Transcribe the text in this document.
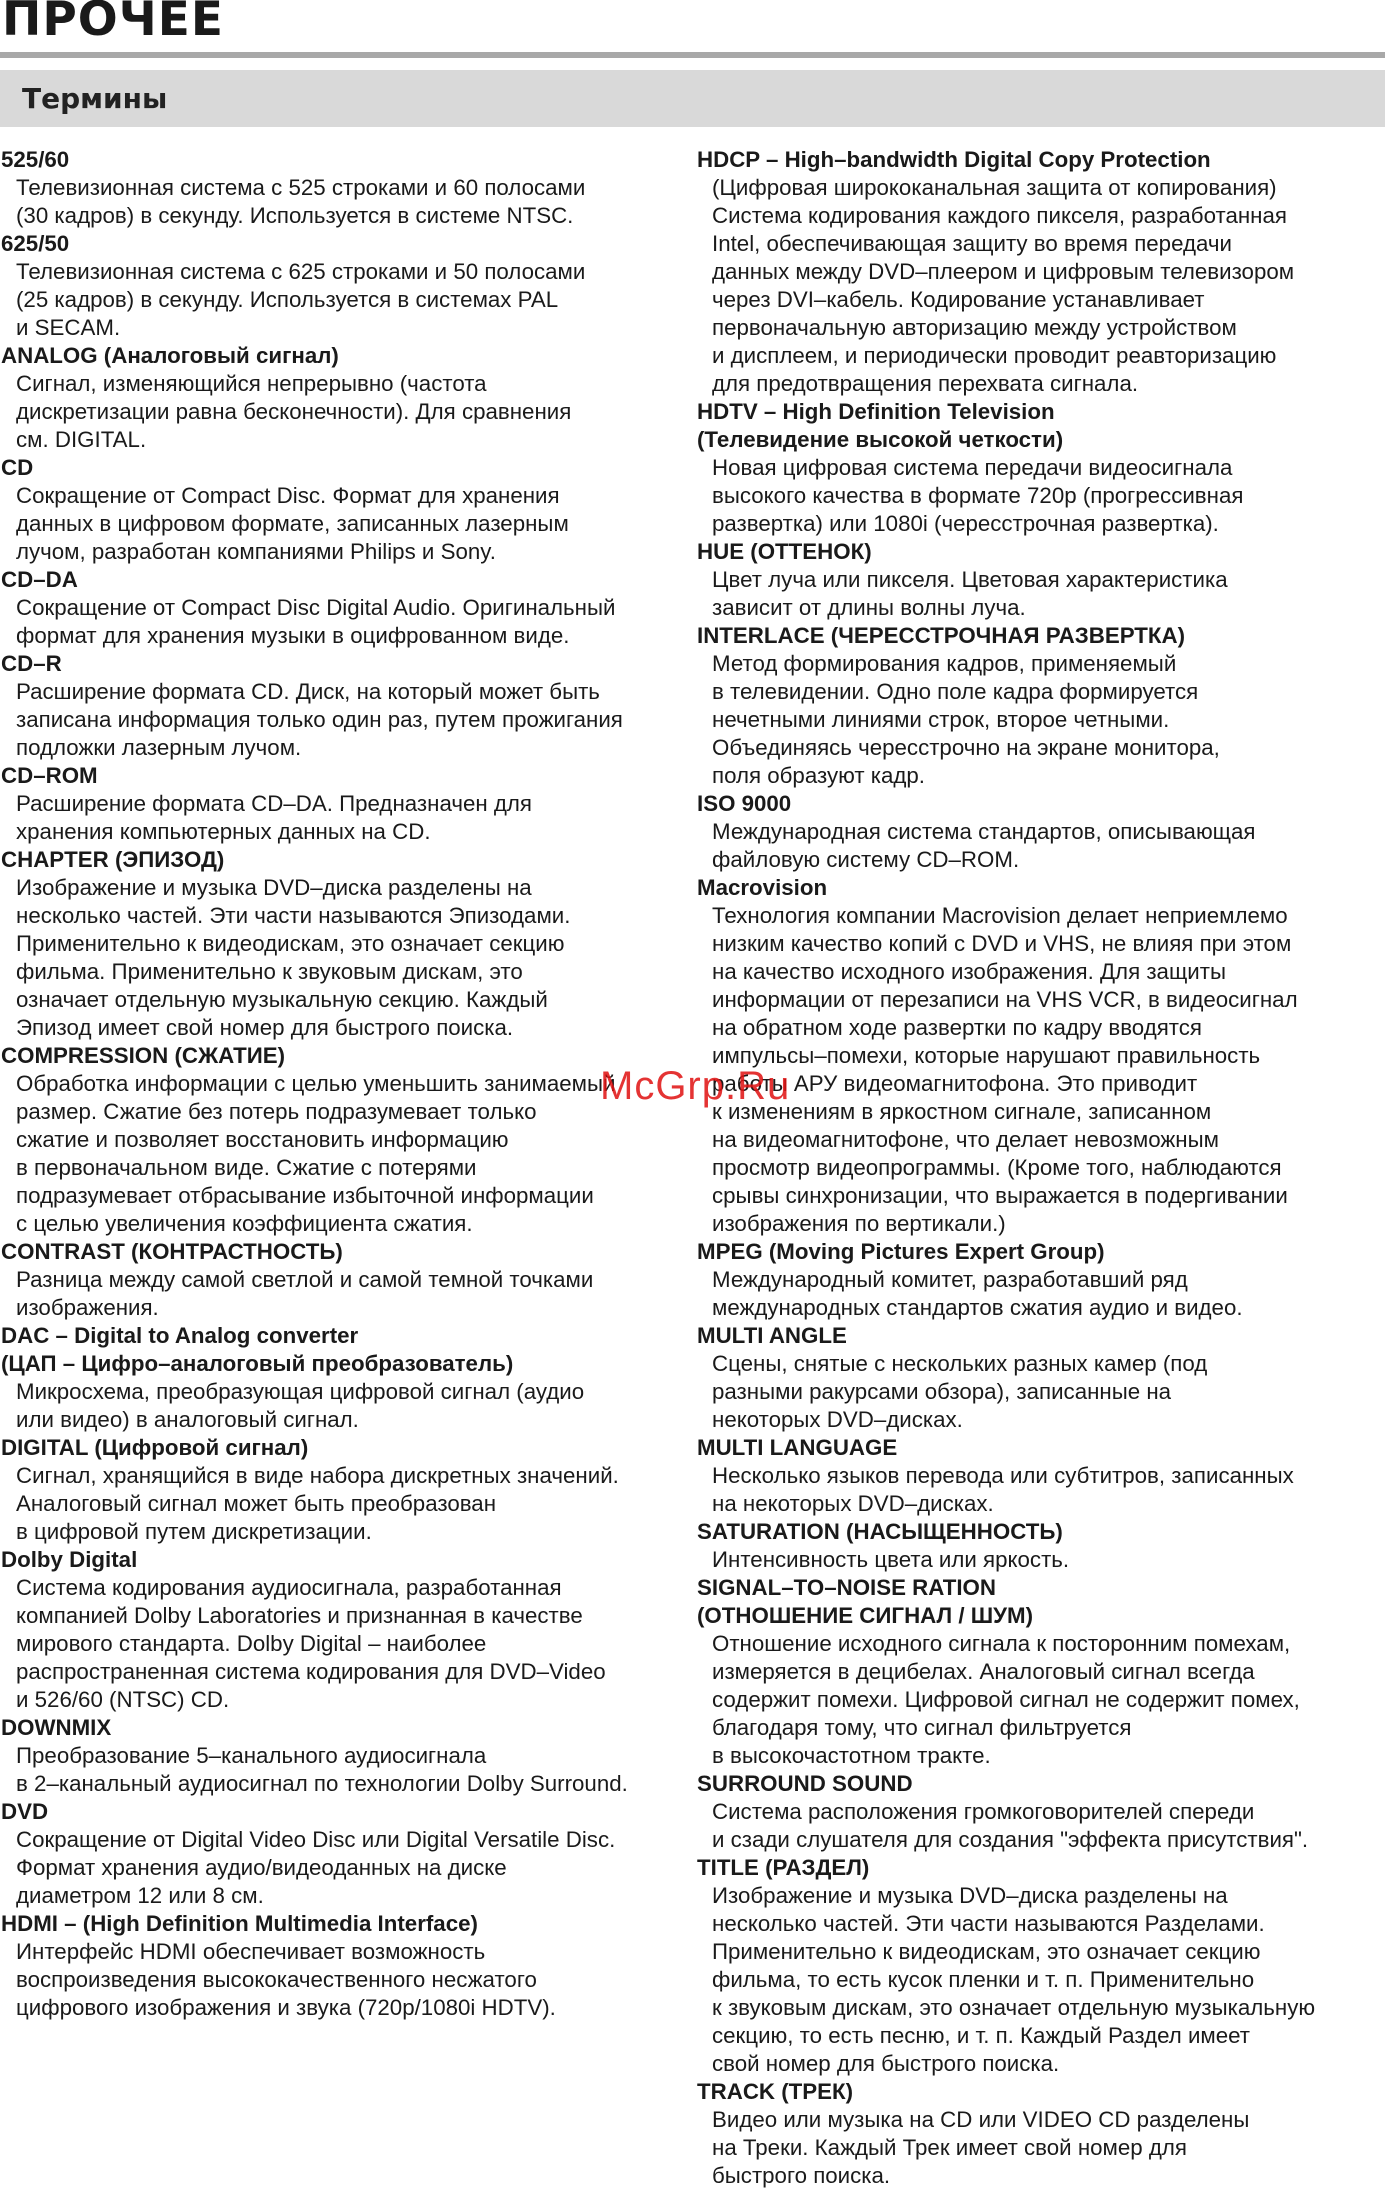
ПРОЧЕЕ
Термины
525/60
Телевизионная система с 525 строками и 60 полосами
(30 кадров) в секунду. Используется в системе NTSC.
625/50
Телевизионная система с 625 строками и 50 полосами
(25 кадров) в секунду. Используется в системах PAL
и SECAM.
ANALOG (Аналоговый сигнал)
Сигнал, изменяющийся непрерывно (частота
дискретизации равна бесконечности). Для сравнения
см. DIGITAL.
CD
Сокращение от Compact Disc. Формат для хранения
данных в цифровом формате, записанных лазерным
лучом, разработан компаниями Philips и Sony.
CD–DA
Сокращение от Compact Disc Digital Audio. Оригинальный
формат для хранения музыки в оцифрованном виде.
CD–R
Расширение формата CD. Диск, на который может быть
записана информация только один раз, путем прожигания
подложки лазерным лучом.
CD–ROM
Расширение формата CD–DA. Предназначен для
хранения компьютерных данных на CD.
CHAPTER (ЭПИЗОД)
Изображение и музыка DVD–диска разделены на
несколько частей. Эти части называются Эпизодами.
Применительно к видеодискам, это означает секцию
фильма. Применительно к звуковым дискам, это
означает отдельную музыкальную секцию. Каждый
Эпизод имеет свой номер для быстрого поиска.
COMPRESSION (СЖАТИЕ)
Обработка информации с целью уменьшить занимаемый
размер. Сжатие без потерь подразумевает только
сжатие и позволяет восстановить информацию
в первоначальном виде. Сжатие с потерями
подразумевает отбрасывание избыточной информации
с целью увеличения коэффициента сжатия.
CONTRAST (КОНТРАСТНОСТЬ)
Разница между самой светлой и самой темной точками
изображения.
DAC – Digital to Analog converter
(ЦАП – Цифро–аналоговый преобразователь)
Микросхема, преобразующая цифровой сигнал (аудио
или видео) в аналоговый сигнал.
DIGITAL (Цифровой сигнал)
Сигнал, хранящийся в виде набора дискретных значений.
Аналоговый сигнал может быть преобразован
в цифровой путем дискретизации.
Dolby Digital
Система кодирования аудиосигнала, разработанная
компанией Dolby Laboratories и признанная в качестве
мирового стандарта. Dolby Digital – наиболее
распространенная система кодирования для DVD–Video
и 526/60 (NTSC) CD.
DOWNMIX
Преобразование 5–канального аудиосигнала
в 2–канальный аудиосигнал по технологии Dolby Surround.
DVD
Сокращение от Digital Video Disc или Digital Versatile Disc.
Формат хранения аудио/видеоданных на диске
диаметром 12 или 8 см.
HDMI – (High Definition Multimedia Interface)
Интерфейс HDMI обеспечивает возможность
воспроизведения высококачественного несжатого
цифрового изображения и звука (720p/1080i HDTV).
HDCP – High–bandwidth Digital Copy Protection
(Цифровая ширококанальная защита от копирования)
Система кодирования каждого пикселя, разработанная
Intel, обеспечивающая защиту во время передачи
данных между DVD–плеером и цифровым телевизором
через DVI–кабель. Кодирование устанавливает
первоначальную авторизацию между устройством
и дисплеем, и периодически проводит реавторизацию
для предотвращения перехвата сигнала.
HDTV – High Definition Television
(Телевидение высокой четкости)
Новая цифровая система передачи видеосигнала
высокого качества в формате 720p (прогрессивная
развертка) или 1080i (чересстрочная развертка).
HUE (ОТТЕНОК)
Цвет луча или пикселя. Цветовая характеристика
зависит от длины волны луча.
INTERLACE (ЧЕРЕССТРОЧНАЯ РАЗВЕРТКА)
Метод формирования кадров, применяемый
в телевидении. Одно поле кадра формируется
нечетными линиями строк, второе четными.
Объединяясь чересстрочно на экране монитора,
поля образуют кадр.
ISO 9000
Международная система стандартов, описывающая
файловую систему CD–ROM.
Macrovision
Технология компании Macrovision делает неприемлемо
низким качество копий с DVD и VHS, не влияя при этом
на качество исходного изображения. Для защиты
информации от перезаписи на VHS VCR, в видеосигнал
на обратном ходе развертки по кадру вводятся
импульсы–помехи, которые нарушают правильность
работы АРУ видеомагнитофона. Это приводит
к изменениям в яркостном сигнале, записанном
на видеомагнитофоне, что делает невозможным
просмотр видеопрограммы. (Кроме того, наблюдаются
срывы синхронизации, что выражается в подергивании
изображения по вертикали.)
MPEG (Moving Pictures Expert Group)
Международный комитет, разработавший ряд
международных стандартов сжатия аудио и видео.
MULTI ANGLE
Сцены, снятые с нескольких разных камер (под
разными ракурсами обзора), записанные на
некоторых DVD–дисках.
MULTI LANGUAGE
Несколько языков перевода или субтитров, записанных
на некоторых DVD–дисках.
SATURATION (НАСЫЩЕННОСТЬ)
Интенсивность цвета или яркость.
SIGNAL–TO–NOISE RATION
(ОТНОШЕНИЕ СИГНАЛ / ШУМ)
Отношение исходного сигнала к посторонним помехам,
измеряется в децибелах. Аналоговый сигнал всегда
содержит помехи. Цифровой сигнал не содержит помех,
благодаря тому, что сигнал фильтруется
в высокочастотном тракте.
SURROUND SOUND
Система расположения громкоговорителей спереди
и сзади слушателя для создания "эффекта присутствия".
TITLE (РАЗДЕЛ)
Изображение и музыка DVD–диска разделены на
несколько частей. Эти части называются Разделами.
Применительно к видеодискам, это означает секцию
фильма, то есть кусок пленки и т. п. Применительно
к звуковым дискам, это означает отдельную музыкальную
секцию, то есть песню, и т. п. Каждый Раздел имеет
свой номер для быстрого поиска.
TRACK (ТРЕК)
Видео или музыка на CD или VIDEO CD разделены
на Треки. Каждый Трек имеет свой номер для
быстрого поиска.
McGrp.Ru
